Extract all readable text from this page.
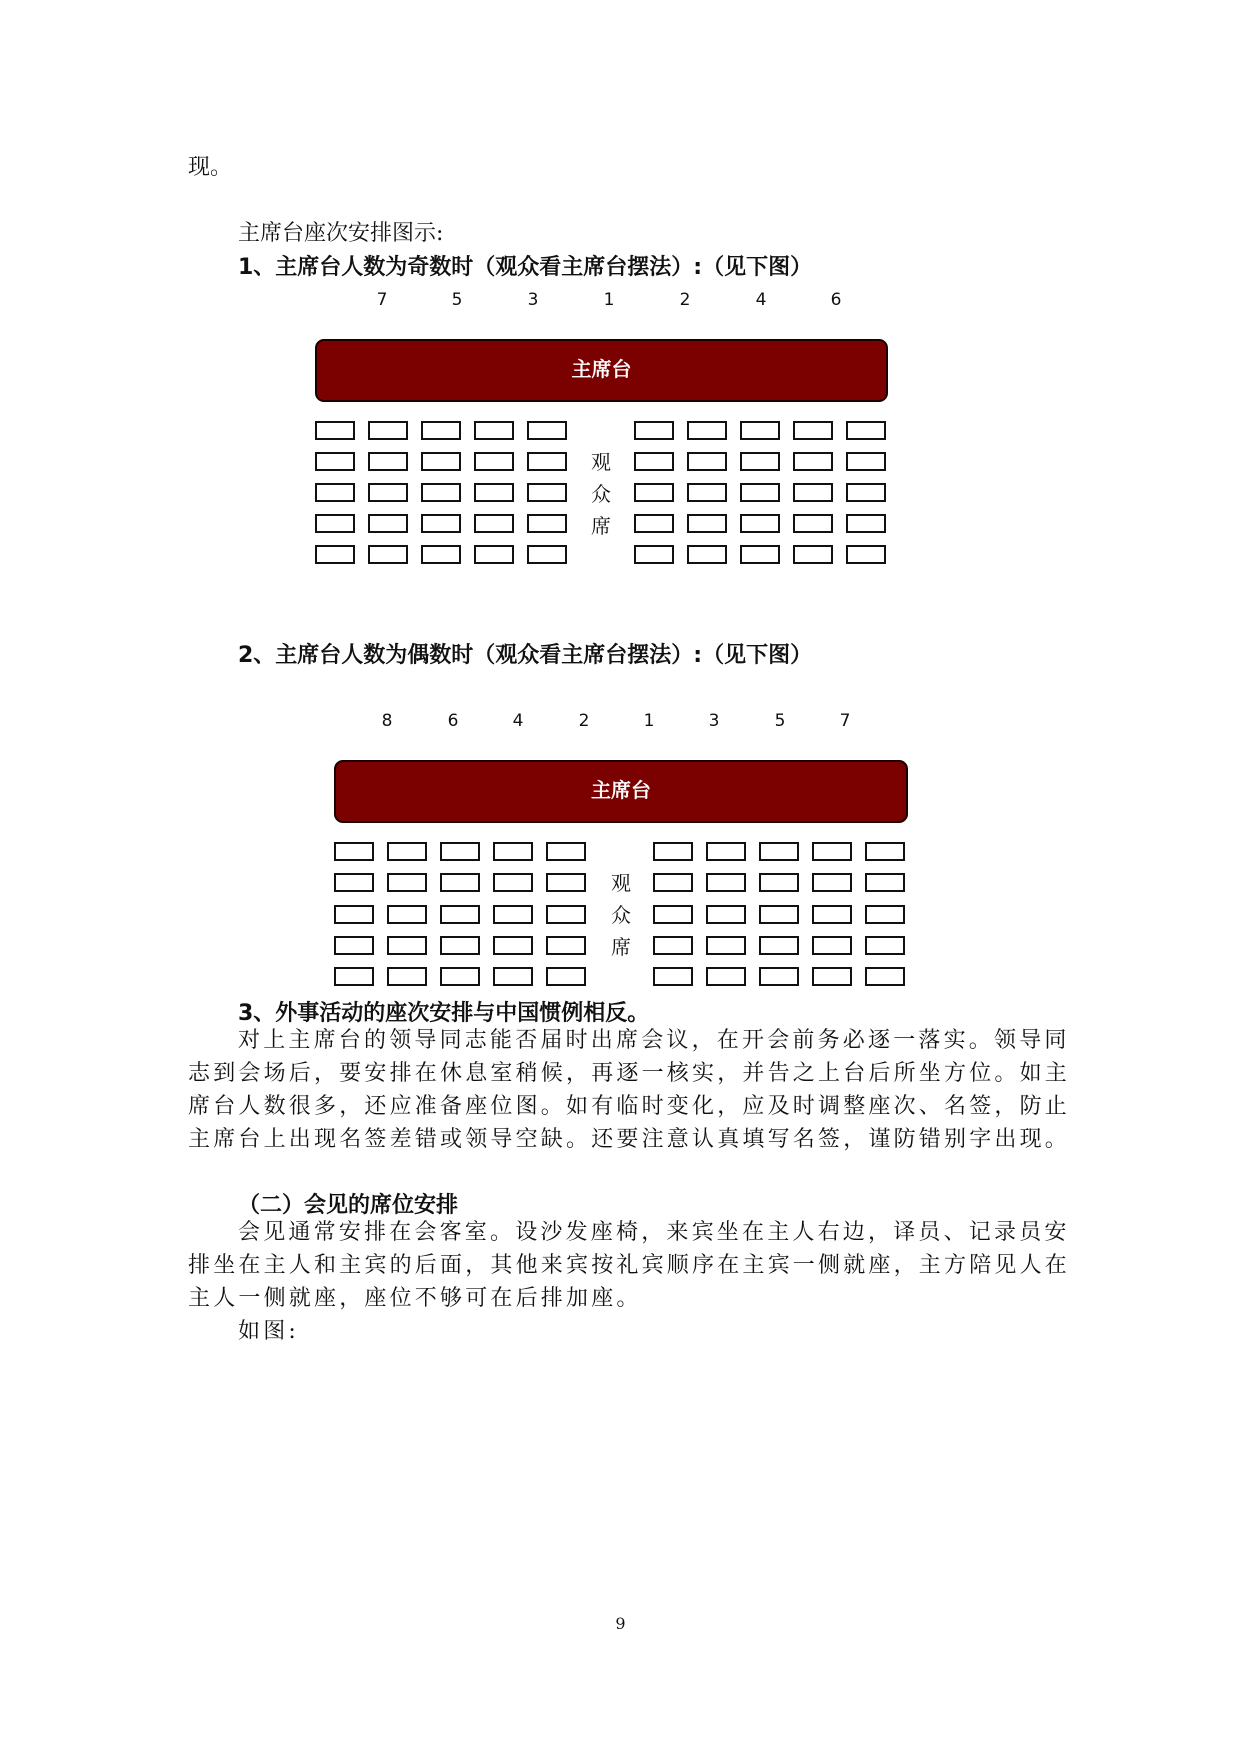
现。
主席台座次安排图示:
1、主席台人数为奇数时（观众看主席台摆法）:（见下图）
7	5	3	1	2	4	6
主席台
观
众
席
2、主席台人数为偶数时（观众看主席台摆法）:（见下图）
8	6	4	2	1	3	5	7
主席台
观
众
席
3、外事活动的座次安排与中国惯例相反。
对上主席台的领导同志能否届时出席会议，在开会前务必逐一落实。领导同
志到会场后，要安排在休息室稍候，再逐一核实，并告之上台后所坐方位。如主
席台人数很多，还应准备座位图。如有临时变化，应及时调整座次、名签，防止
主席台上出现名签差错或领导空缺。还要注意认真填写名签，谨防错别字出现。
（二）会见的席位安排
会见通常安排在会客室。设沙发座椅，来宾坐在主人右边，译员、记录员安
排坐在主人和主宾的后面，其他来宾按礼宾顺序在主宾一侧就座，主方陪见人在
主人一侧就座，座位不够可在后排加座。
如图:
9
